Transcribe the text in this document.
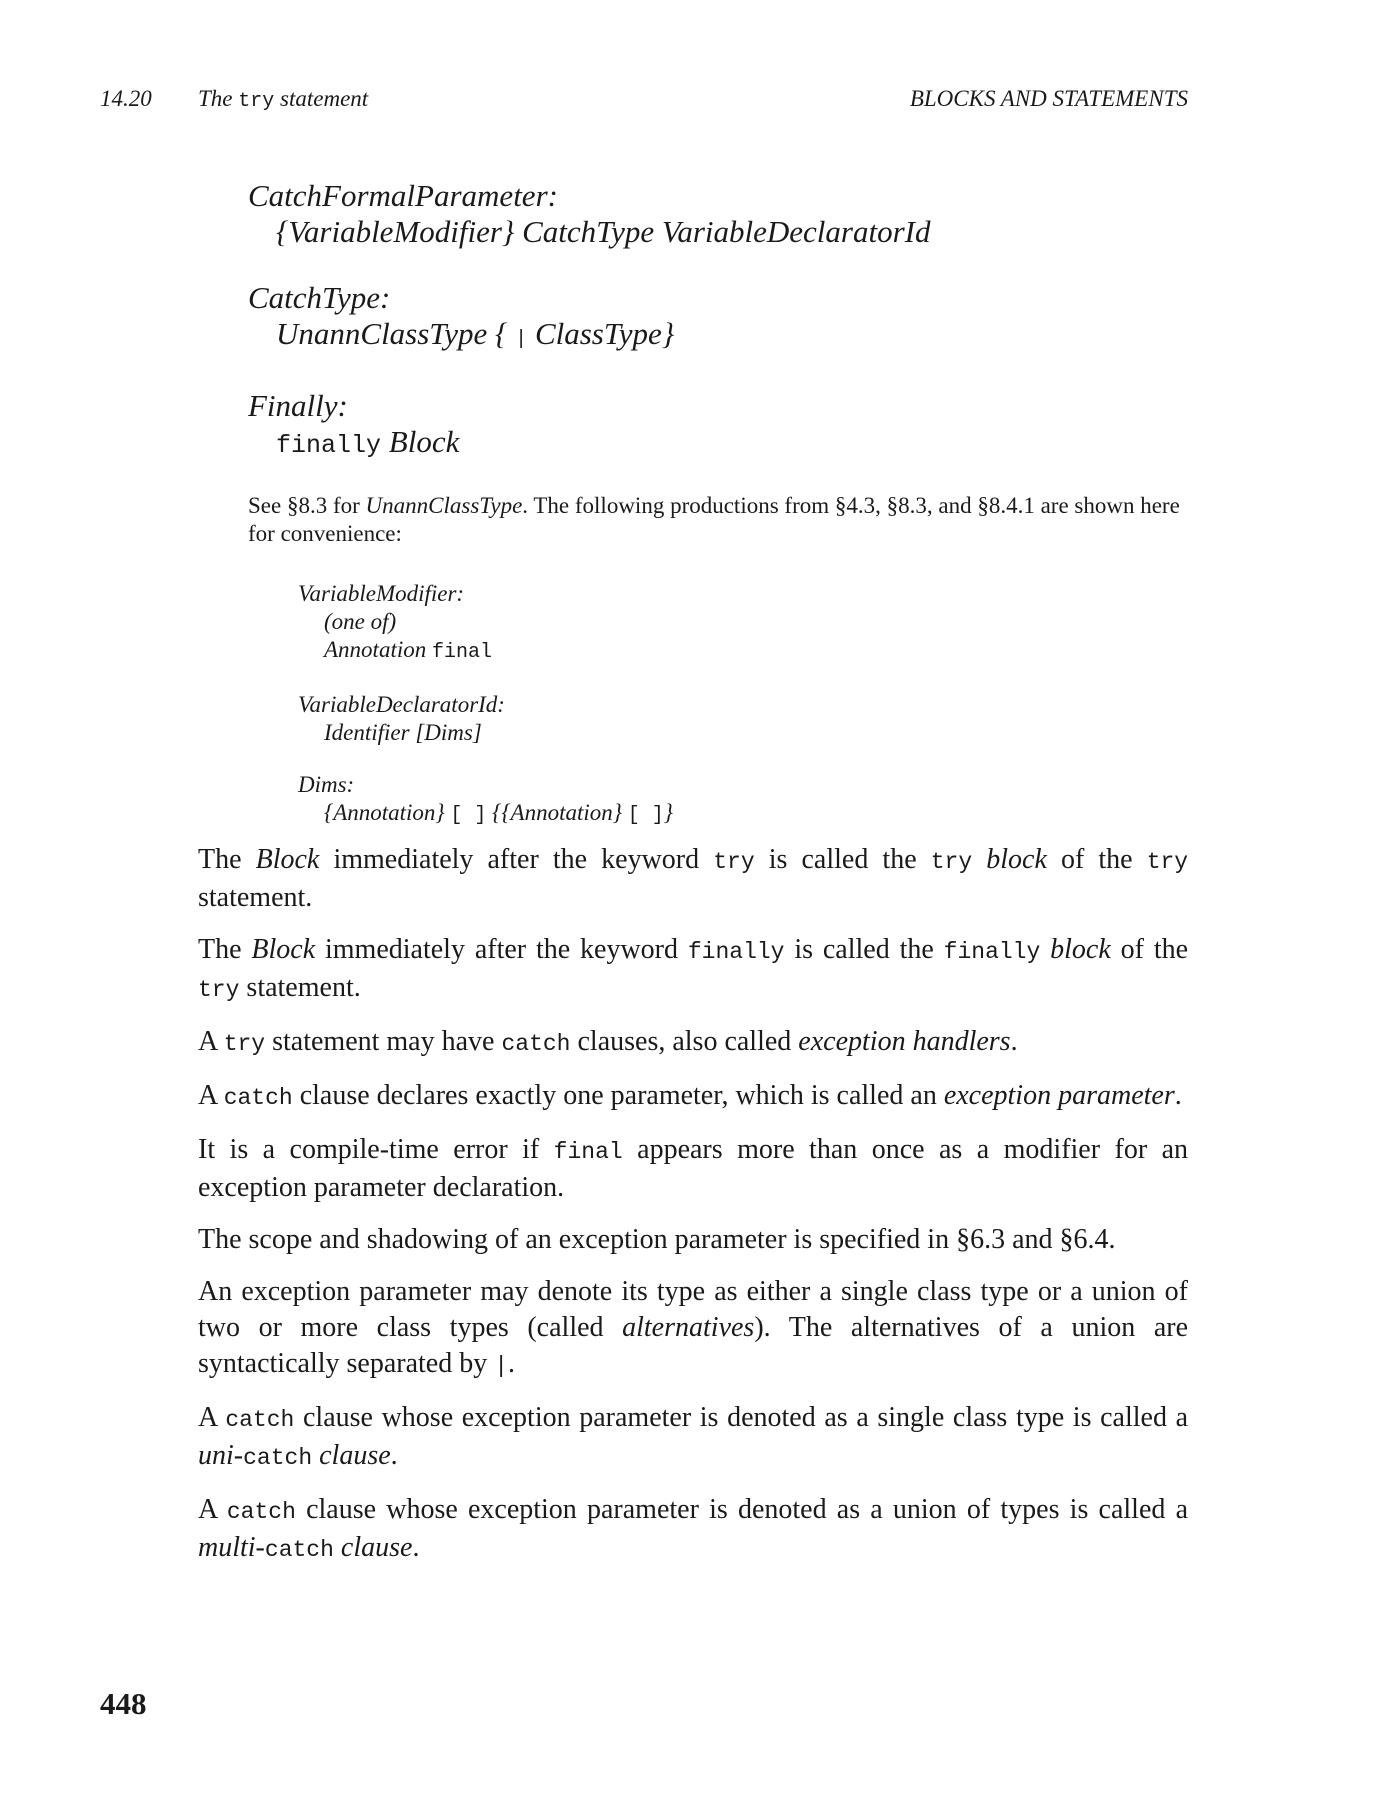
14.20 The try statement	BLOCKS AND STATEMENTS
CatchFormalParameter:
{VariableModifier} CatchType VariableDeclaratorId
CatchType:
UnannClassType { | ClassType}
Finally:
finally Block
See §8.3 for UnannClassType. The following productions from §4.3, §8.3, and §8.4.1 are shown here for convenience:
VariableModifier:
(one of)
Annotation final
VariableDeclaratorId:
Identifier [Dims]
Dims:
{Annotation} [ ] {{Annotation} [ ]}

The Block immediately after the keyword try is called the try block of the try statement.

The Block immediately after the keyword finally is called the finally block of the try statement.

A try statement may have catch clauses, also called exception handlers.

A catch clause declares exactly one parameter, which is called an exception parameter.

It is a compile-time error if final appears more than once as a modifier for an exception parameter declaration.

The scope and shadowing of an exception parameter is specified in §6.3 and §6.4.

An exception parameter may denote its type as either a single class type or a union of two or more class types (called alternatives). The alternatives of a union are syntactically separated by |.

A catch clause whose exception parameter is denoted as a single class type is called a uni-catch clause.

A catch clause whose exception parameter is denoted as a union of types is called a multi-catch clause.

448
